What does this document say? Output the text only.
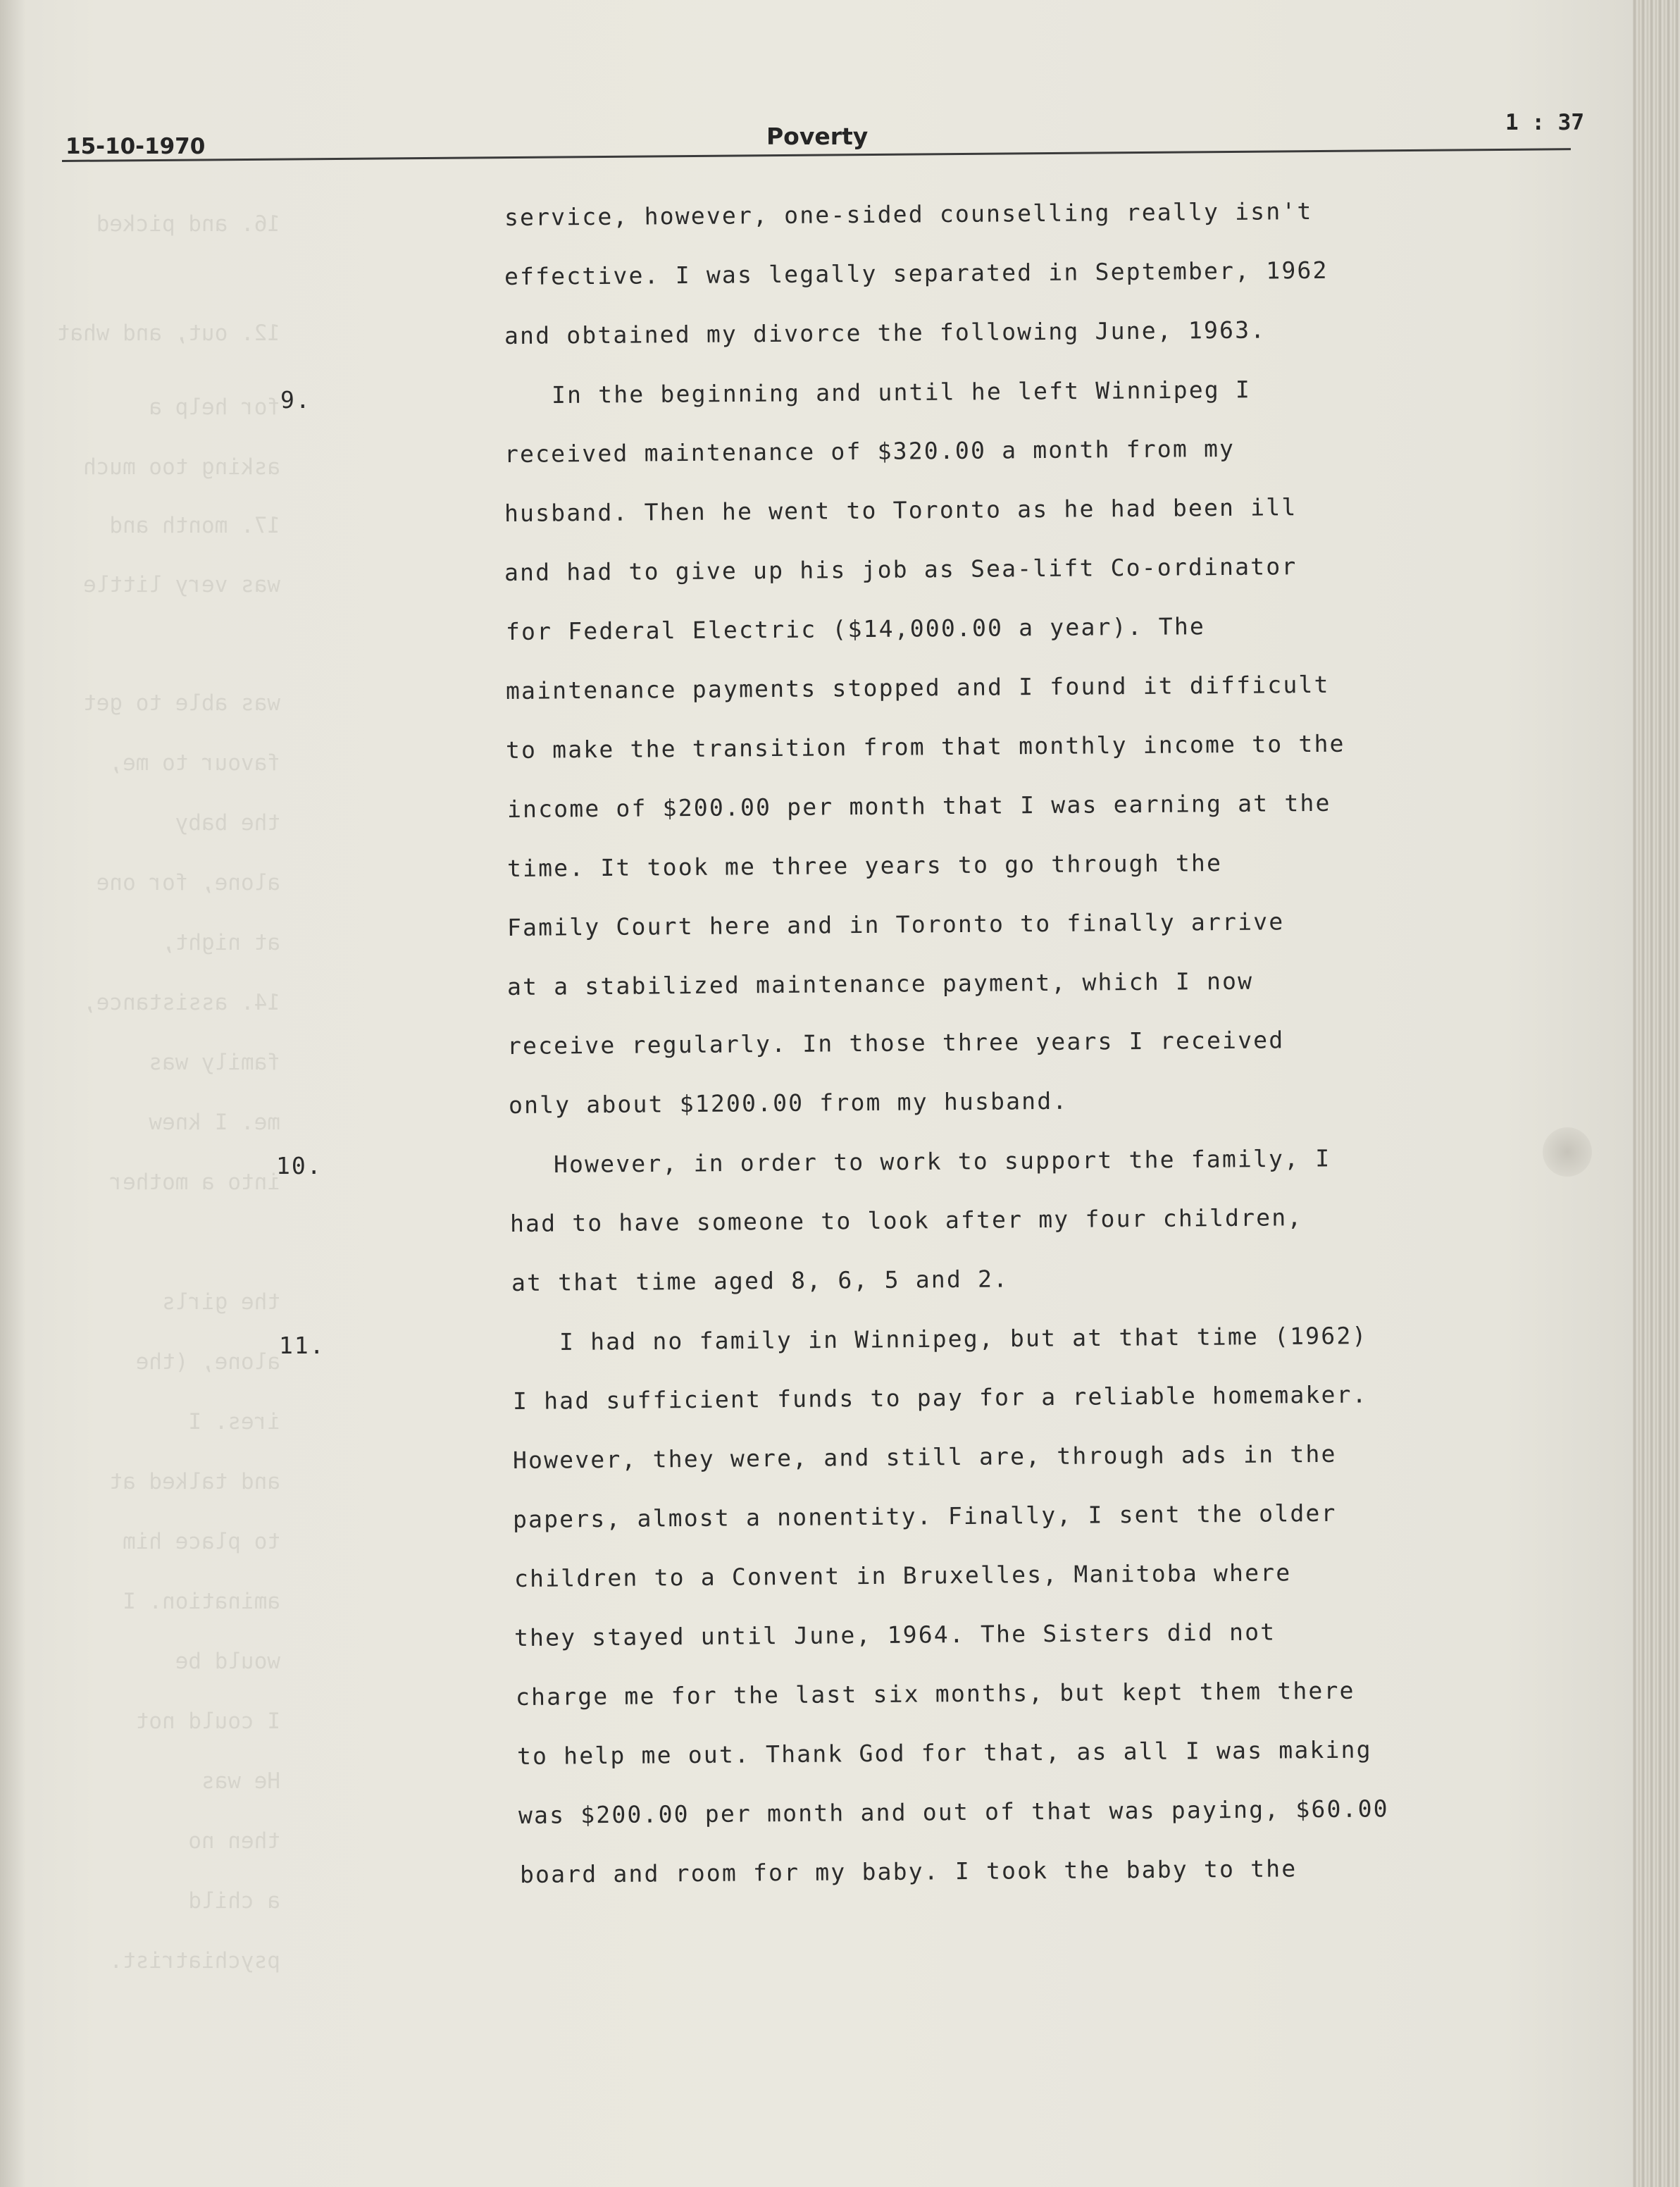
16. and picked
12. out, and what
for help a
asking too much
17. month and
was very little
was able to get
favour to me,
the baby
alone, for one
at night,
14. assistance,
family was
me. I knew
into a mother
the girls
alone, (the
ires. I
and talked at
to place him
amination. I
would be
I could not
He was
then no
a child
psychiatrist.
15-10-1970	Poverty	1 : 37
9.
10.
11.
service, however, one-sided counselling really isn't
effective. I was legally separated in September, 1962
and obtained my divorce the following June, 1963.
In the beginning and until he left Winnipeg I
received maintenance of $320.00 a month from my
husband. Then he went to Toronto as he had been ill
and had to give up his job as Sea-lift Co-ordinator
for Federal Electric ($14,000.00 a year). The
maintenance payments stopped and I found it difficult
to make the transition from that monthly income to the
income of $200.00 per month that I was earning at the
time. It took me three years to go through the
Family Court here and in Toronto to finally arrive
at a stabilized maintenance payment, which I now
receive regularly. In those three years I received
only about $1200.00 from my husband.
However, in order to work to support the family, I
had to have someone to look after my four children,
at that time aged 8, 6, 5 and 2.
I had no family in Winnipeg, but at that time (1962)
I had sufficient funds to pay for a reliable homemaker.
However, they were, and still are, through ads in the
papers, almost a nonentity. Finally, I sent the older
children to a Convent in Bruxelles, Manitoba where
they stayed until June, 1964. The Sisters did not
charge me for the last six months, but kept them there
to help me out. Thank God for that, as all I was making
was $200.00 per month and out of that was paying, $60.00
board and room for my baby. I took the baby to the
